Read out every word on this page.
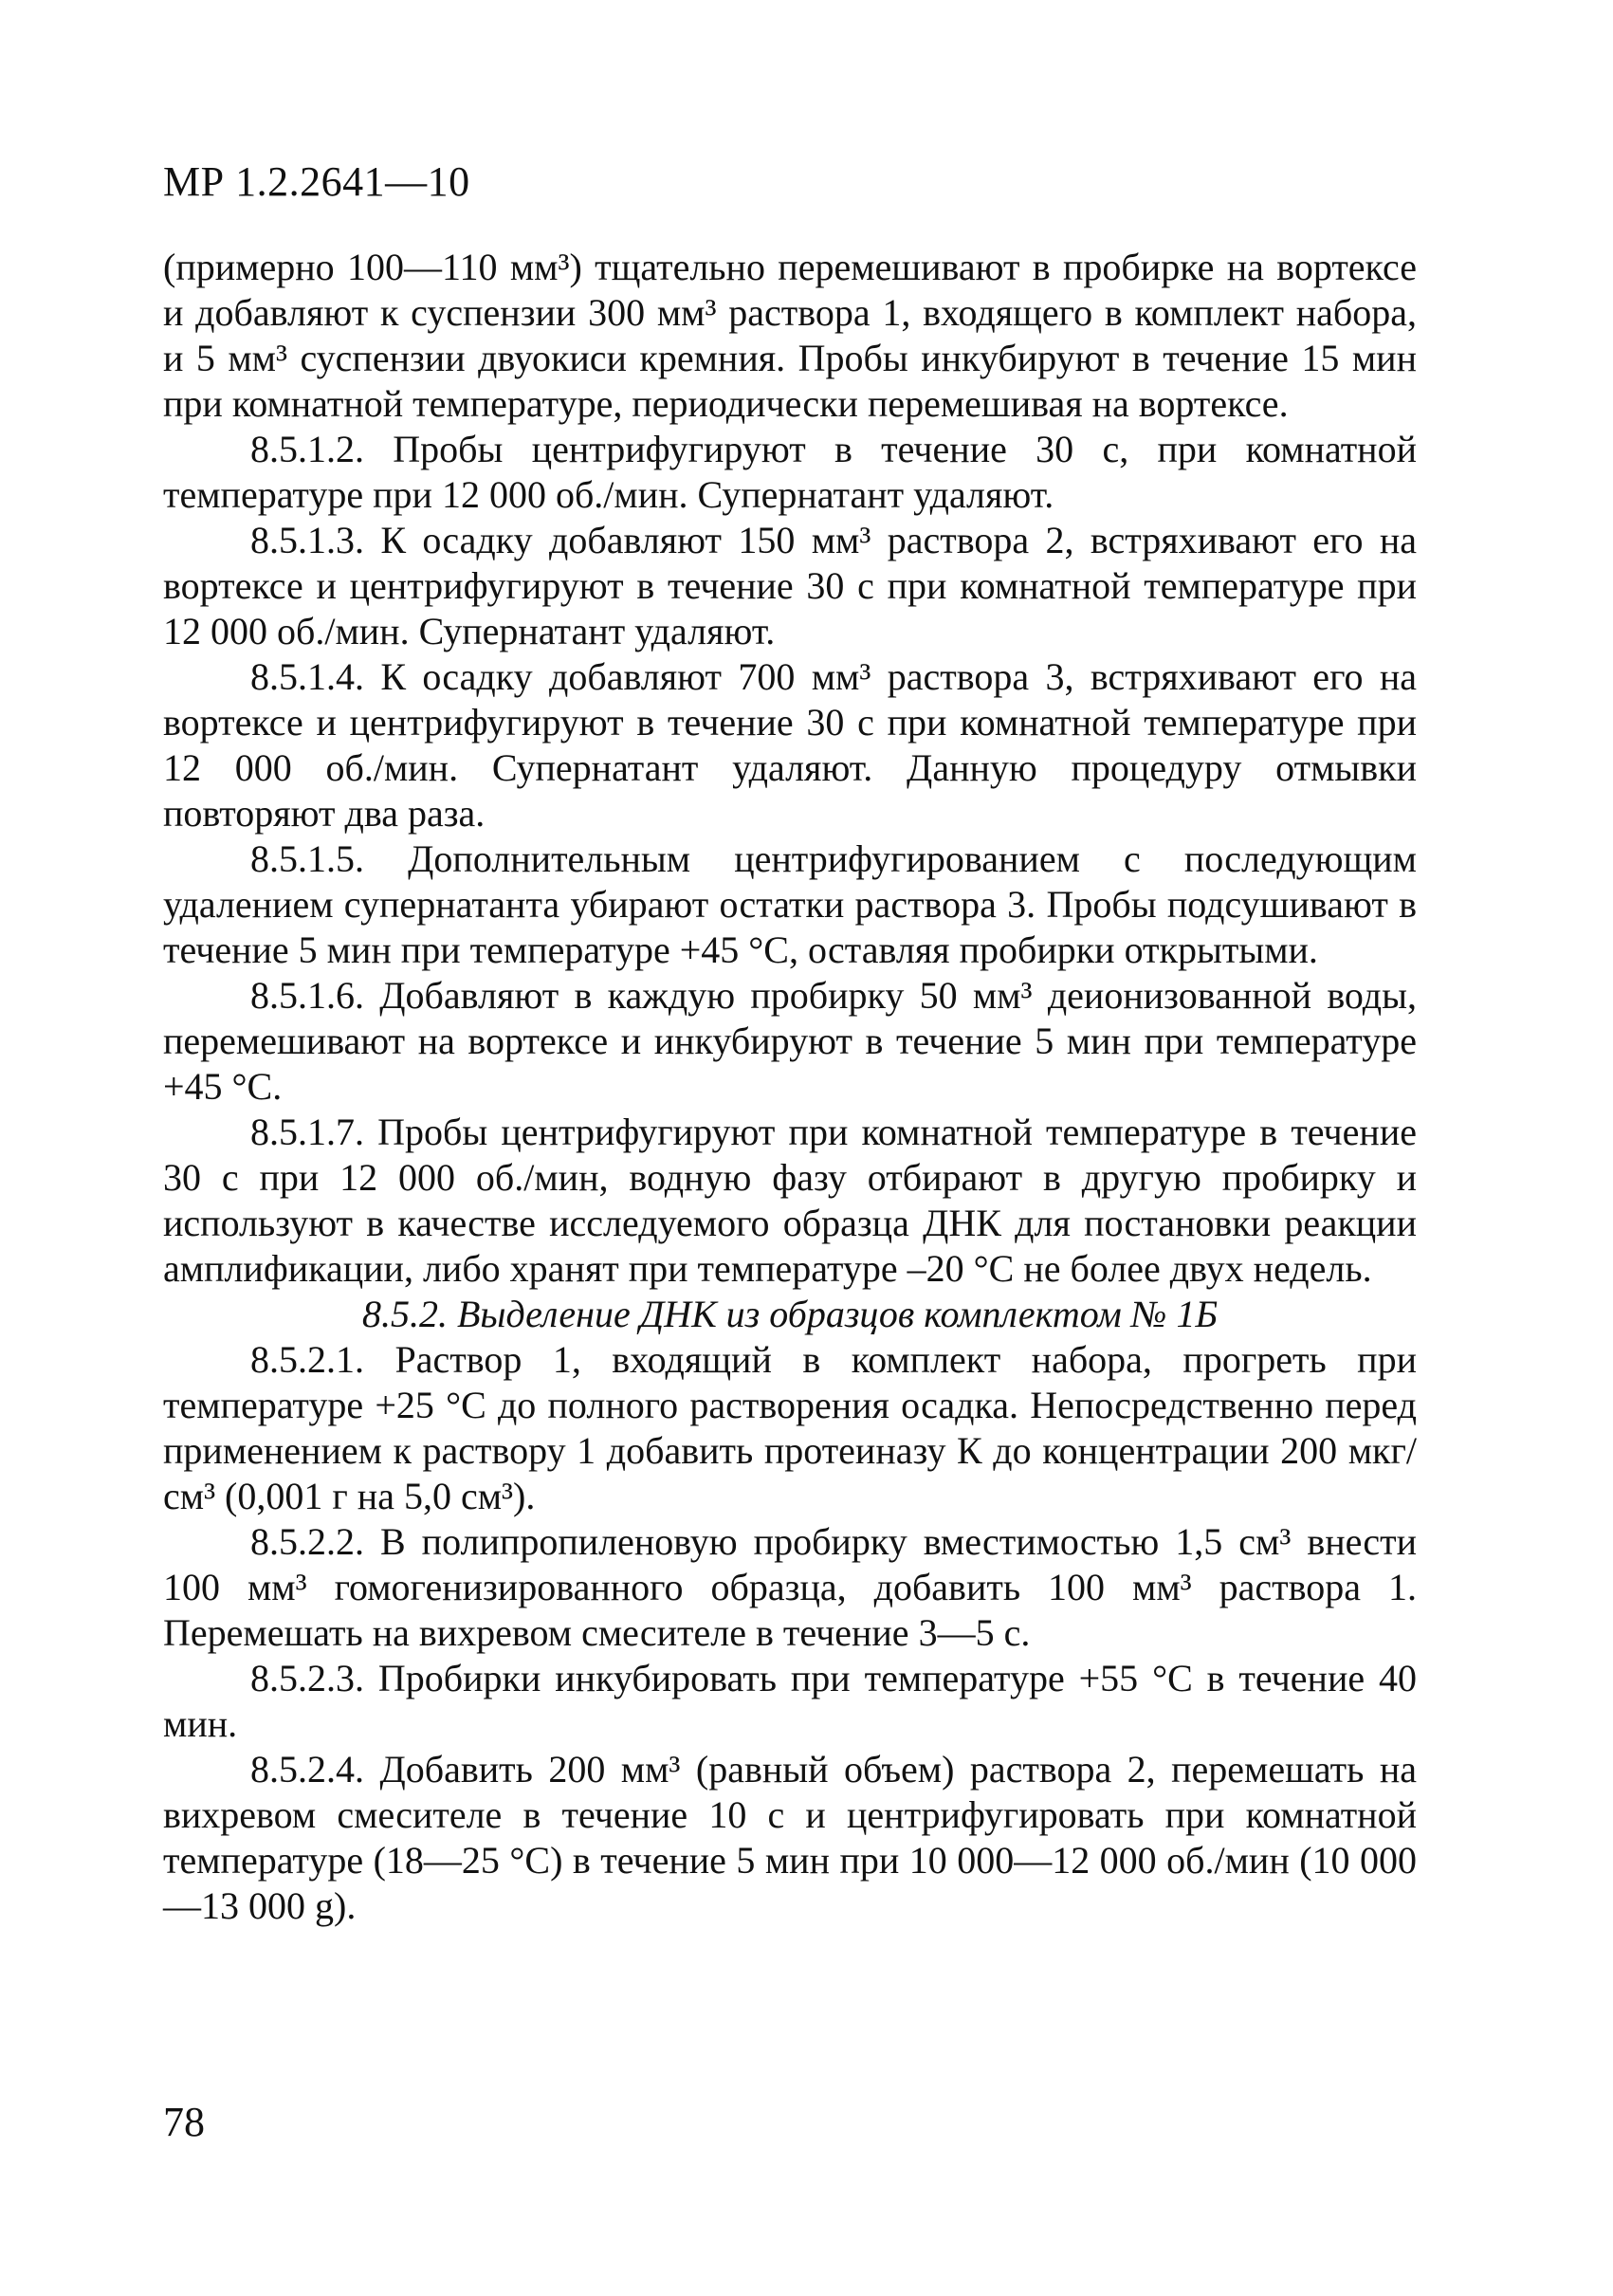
МР 1.2.2641—10

(примерно 100—110 мм³) тщательно перемешивают в пробирке на вортексе и добавляют к суспензии 300 мм³ раствора 1, входящего в комплект набора, и 5 мм³ суспензии двуокиси кремния. Пробы инкубируют в течение 15 мин при комнатной температуре, периодически перемешивая на вортексе.

8.5.1.2. Пробы центрифугируют в течение 30 с, при комнатной температуре при 12 000 об./мин. Супернатант удаляют.

8.5.1.3. К осадку добавляют 150 мм³ раствора 2, встряхивают его на вортексе и центрифугируют в течение 30 с при комнатной температуре при 12 000 об./мин. Супернатант удаляют.

8.5.1.4. К осадку добавляют 700 мм³ раствора 3, встряхивают его на вортексе и центрифугируют в течение 30 с при комнатной температуре при 12 000 об./мин. Супернатант удаляют. Данную процедуру отмывки повторяют два раза.

8.5.1.5. Дополнительным центрифугированием с последующим удалением супернатанта убирают остатки раствора 3. Пробы подсушивают в течение 5 мин при температуре +45 °С, оставляя пробирки открытыми.

8.5.1.6. Добавляют в каждую пробирку 50 мм³ деионизованной воды, перемешивают на вортексе и инкубируют в течение 5 мин при температуре +45 °С.

8.5.1.7. Пробы центрифугируют при комнатной температуре в течение 30 с при 12 000 об./мин, водную фазу отбирают в другую пробирку и используют в качестве исследуемого образца ДНК для постановки реакции амплификации, либо хранят при температуре –20 °С не более двух недель.

8.5.2. Выделение ДНК из образцов комплектом № 1Б

8.5.2.1. Раствор 1, входящий в комплект набора, прогреть при температуре +25 °С до полного растворения осадка. Непосредственно перед применением к раствору 1 добавить протеиназу К до концентрации 200 мкг/см³ (0,001 г на 5,0 см³).

8.5.2.2. В полипропиленовую пробирку вместимостью 1,5 см³ внести 100 мм³ гомогенизированного образца, добавить 100 мм³ раствора 1. Перемешать на вихревом смесителе в течение 3—5 с.

8.5.2.3. Пробирки инкубировать при температуре +55 °С в течение 40 мин.

8.5.2.4. Добавить 200 мм³ (равный объем) раствора 2, перемешать на вихревом смесителе в течение 10 с и центрифугировать при комнатной температуре (18—25 °С) в течение 5 мин при 10 000—12 000 об./мин (10 000—13 000 g).

78
